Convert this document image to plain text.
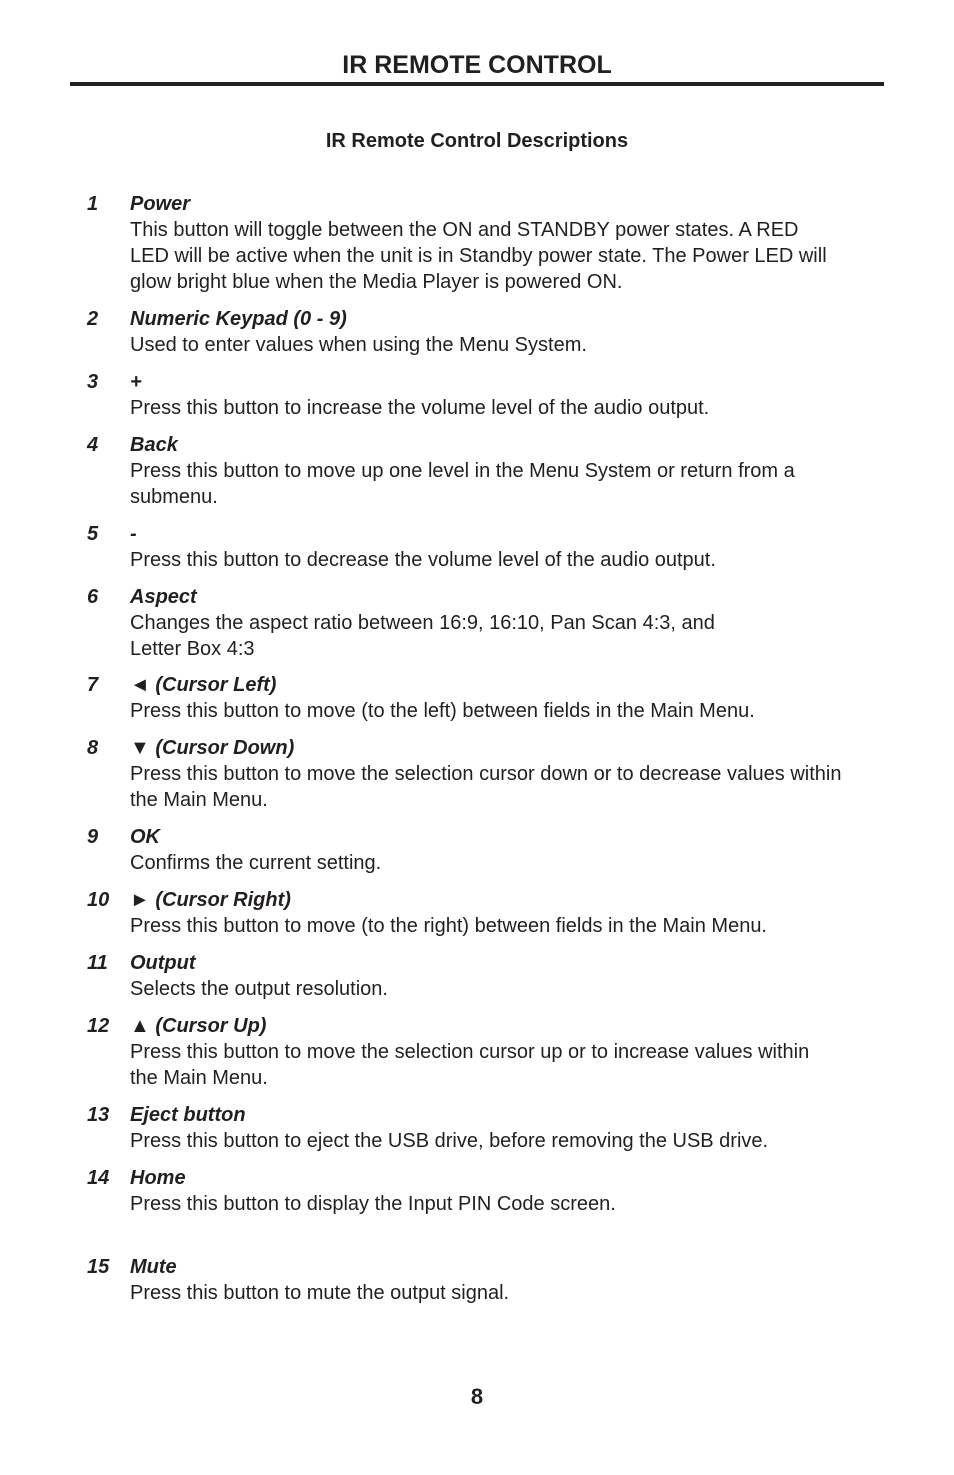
IR REMOTE CONTROL
IR Remote Control Descriptions
1	Power
This button will toggle between the ON and STANDBY power states. A RED
LED will be active when the unit is in Standby power state. The Power LED will
glow bright blue when the Media Player is powered ON.
2	Numeric Keypad (0 - 9)
Used to enter values when using the Menu System.
3	+
Press this button to increase the volume level of the audio output.
4	Back
Press this button to move up one level in the Menu System or return from a
submenu.
5	-
Press this button to decrease the volume level of the audio output.
6	Aspect
Changes the aspect ratio between 16:9, 16:10, Pan Scan 4:3, and
Letter Box 4:3
7	◄ (Cursor Left)
Press this button to move (to the left) between fields in the Main Menu.
8	▼ (Cursor Down)
Press this button to move the selection cursor down or to decrease values within
the Main Menu.
9	OK
Confirms the current setting.
10	► (Cursor Right)
Press this button to move (to the right) between fields in the Main Menu.
11	Output
Selects the output resolution.
12	▲ (Cursor Up)
Press this button to move the selection cursor up or to increase values within
the Main Menu.
13	Eject button
Press this button to eject the USB drive, before removing the USB drive.
14	Home
Press this button to display the Input PIN Code screen.
15	Mute
Press this button to mute the output signal.
8
